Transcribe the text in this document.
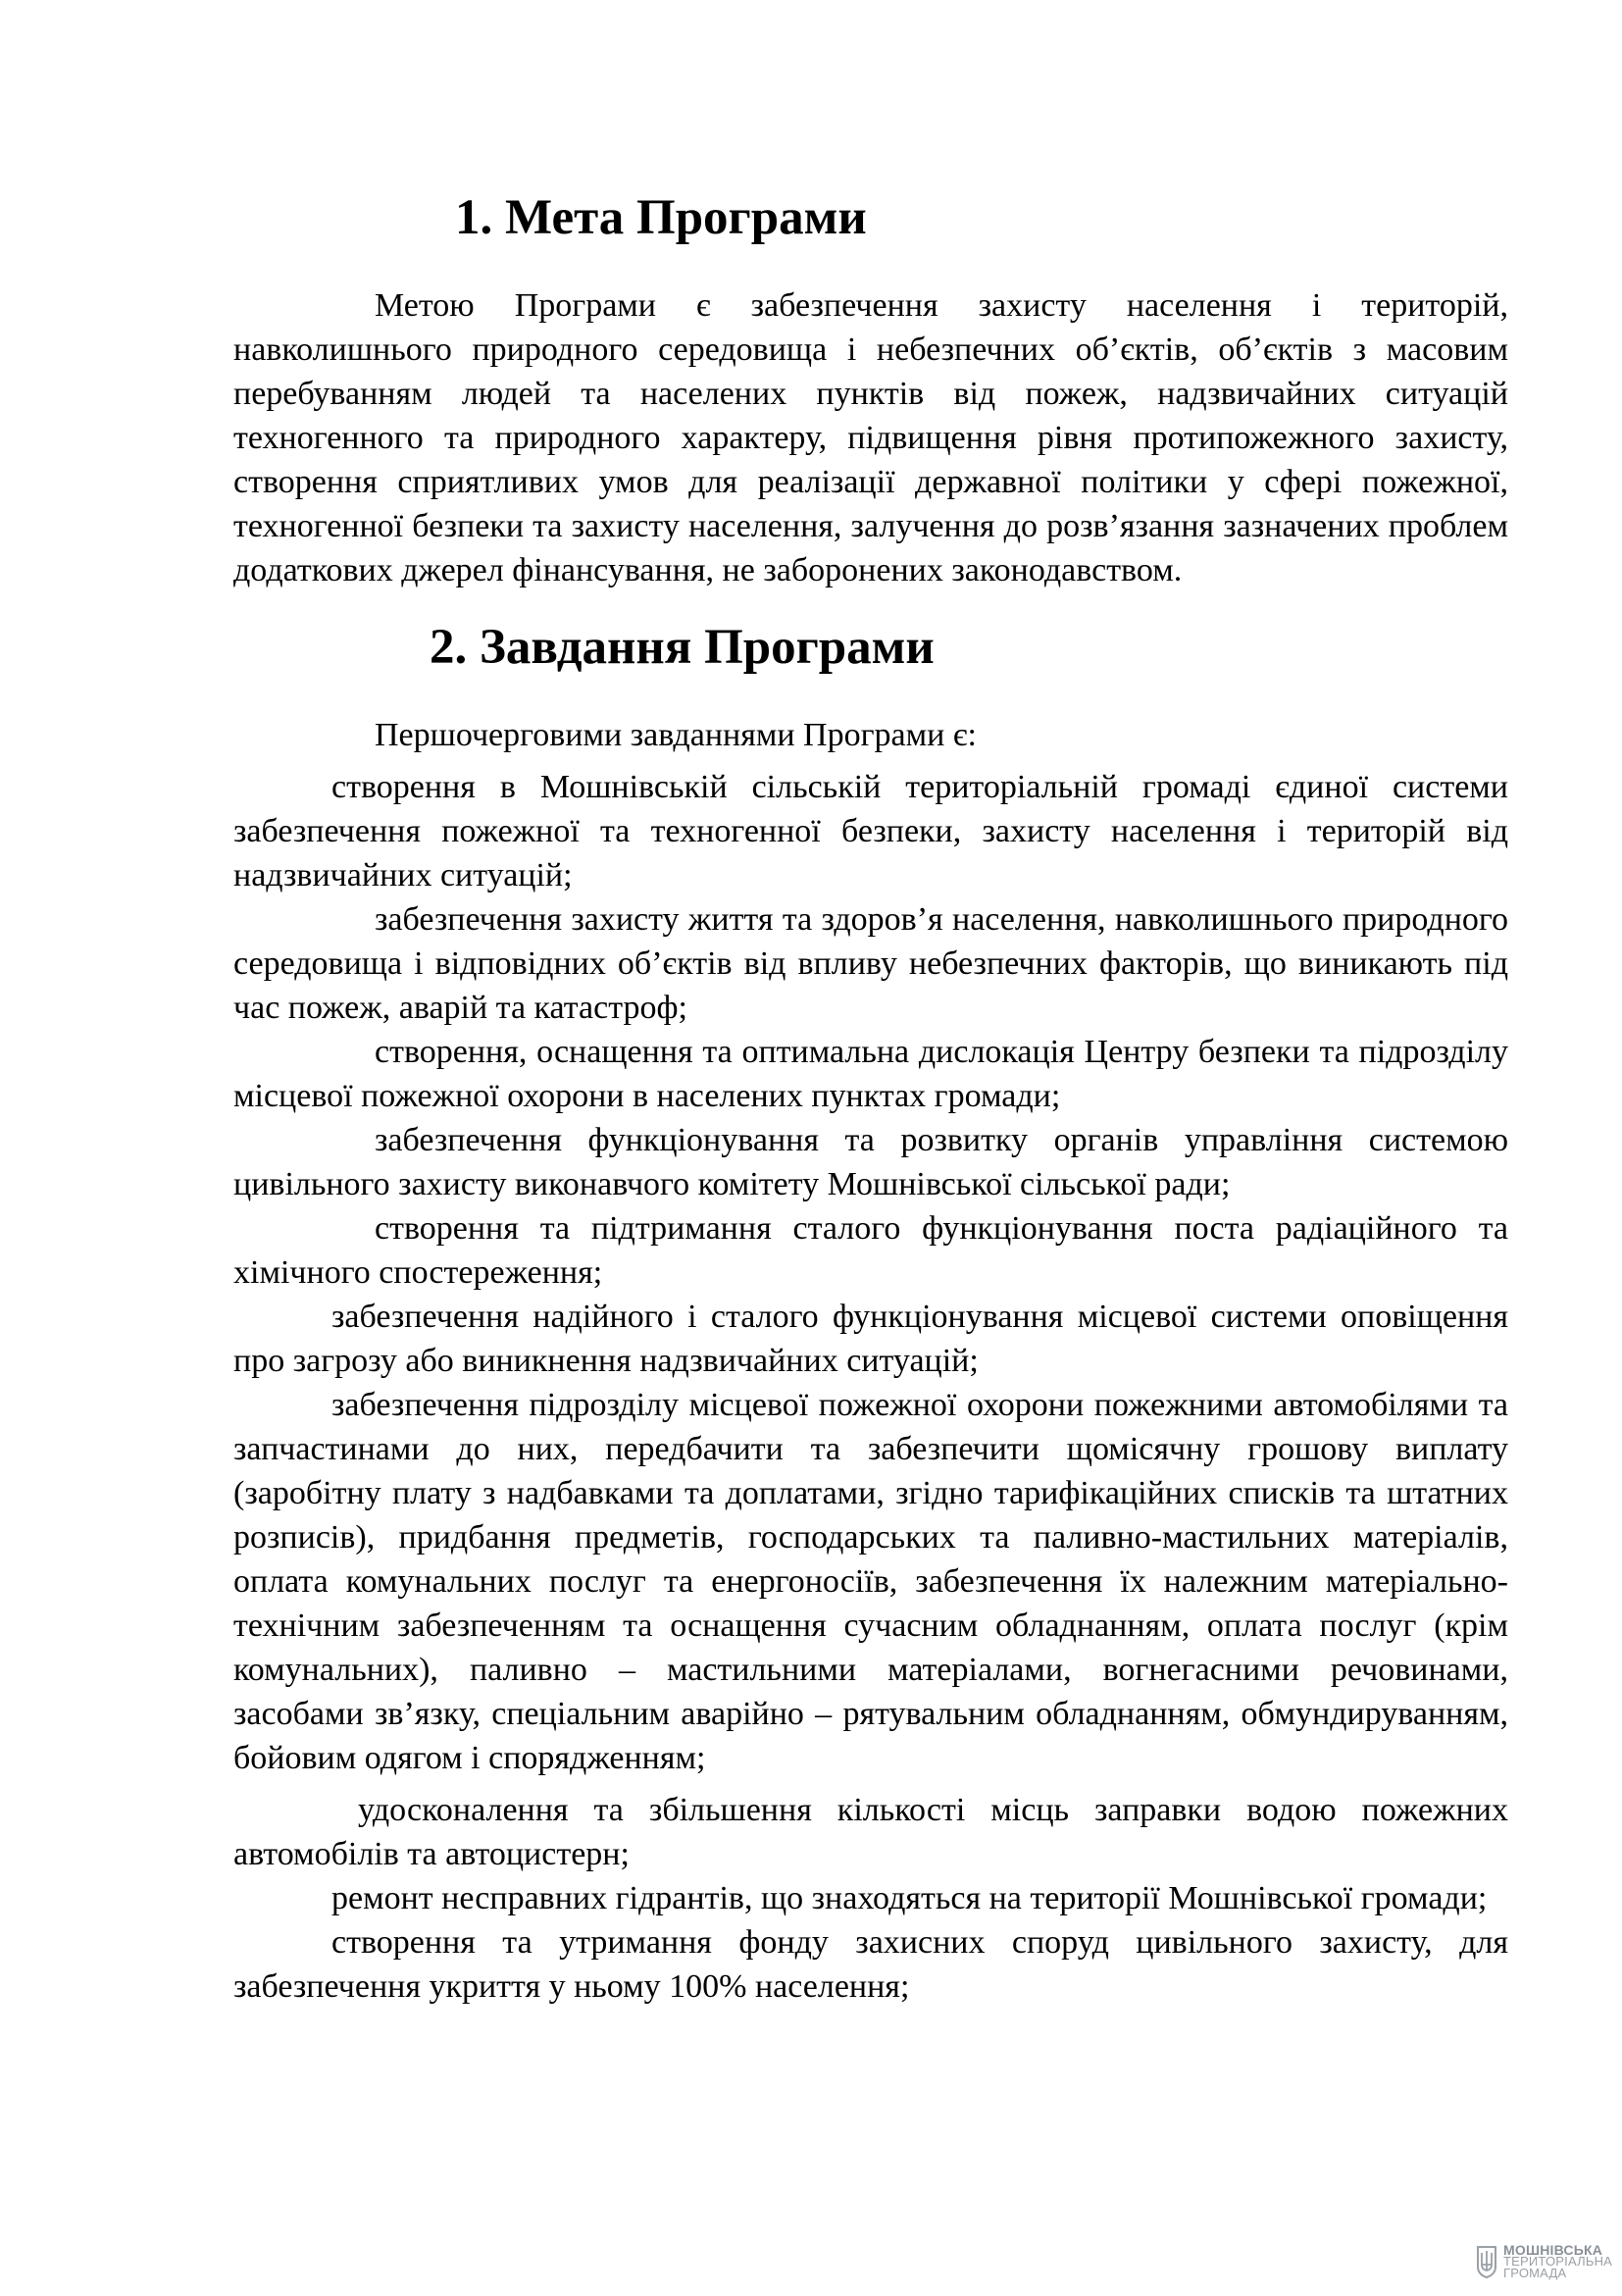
1. Мета Програми

Метою Програми є забезпечення захисту населення і територій, навколишнього природного середовища і небезпечних об’єктів, об’єктів з масовим перебуванням людей та населених пунктів від пожеж, надзвичайних ситуацій техногенного та природного характеру, підвищення рівня протипожежного захисту, створення сприятливих умов для реалізації державної політики у сфері пожежної, техногенної безпеки та захисту населення, залучення до розв’язання зазначених проблем додаткових джерел фінансування, не заборонених законодавством.

2. Завдання Програми

Першочерговими завданнями Програми є:

створення в Мошнівській сільській територіальній громаді єдиної системи забезпечення пожежної та техногенної безпеки, захисту населення і територій від надзвичайних ситуацій;

забезпечення захисту життя та здоров’я населення, навколишнього природного середовища і відповідних об’єктів від впливу небезпечних факторів, що виникають під час пожеж, аварій та катастроф;

створення, оснащення та оптимальна дислокація Центру безпеки та підрозділу місцевої пожежної охорони в населених пунктах громади;

забезпечення функціонування та розвитку органів управління системою цивільного захисту виконавчого комітету Мошнівської сільської ради;

створення та підтримання сталого функціонування поста радіаційного та хімічного спостереження;

забезпечення надійного і сталого функціонування місцевої системи оповіщення про загрозу або виникнення надзвичайних ситуацій;

забезпечення підрозділу місцевої пожежної охорони пожежними автомобілями та запчастинами до них, передбачити та забезпечити щомісячну грошову виплату (заробітну плату з надбавками та доплатами, згідно тарифікаційних списків та штатних розписів), придбання предметів, господарських та паливно-мастильних матеріалів, оплата комунальних послуг та енергоносіїв, забезпечення їх належним матеріально-технічним забезпеченням та оснащення сучасним обладнанням, оплата послуг (крім комунальних), паливно – мастильними матеріалами, вогнегасними речовинами, засобами зв’язку, спеціальним аварійно – рятувальним обладнанням, обмундируванням, бойовим одягом і спорядженням;

удосконалення та збільшення кількості місць заправки водою пожежних автомобілів та автоцистерн;

ремонт несправних гідрантів, що знаходяться на території Мошнівської громади;

створення та утримання фонду захисних споруд цивільного захисту, для забезпечення укриття у ньому 100% населення;

МОШНІВСЬКА
ТЕРИТОРІАЛЬНА
ГРОМАДА
